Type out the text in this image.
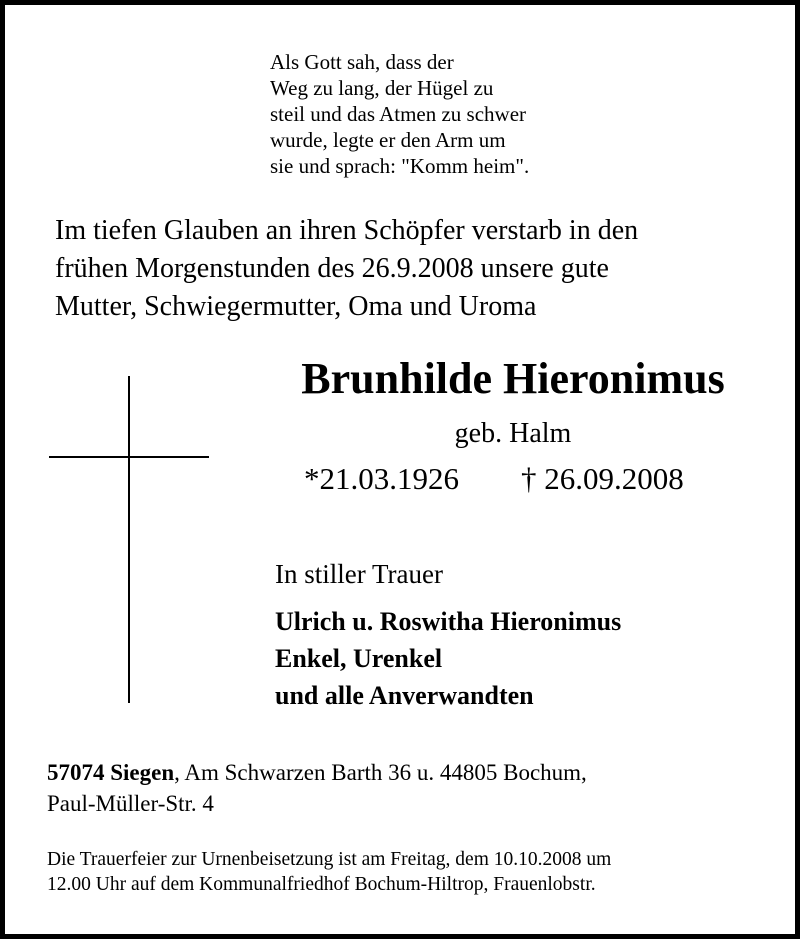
Als Gott sah, dass der
Weg zu lang, der Hügel zu
steil und das Atmen zu schwer
wurde, legte er den Arm um
sie und sprach: "Komm heim".
Im tiefen Glauben an ihren Schöpfer verstarb in den
frühen Morgenstunden des 26.9.2008 unsere gute
Mutter, Schwiegermutter, Oma und Uroma
Brunhilde Hieronimus
geb. Halm
*21.03.1926 † 26.09.2008
In stiller Trauer
Ulrich u. Roswitha Hieronimus
Enkel, Urenkel
und alle Anverwandten
57074 Siegen, Am Schwarzen Barth 36 u. 44805 Bochum,
Paul-Müller-Str. 4
Die Trauerfeier zur Urnenbeisetzung ist am Freitag, dem 10.10.2008 um
12.00 Uhr auf dem Kommunalfriedhof Bochum-Hiltrop, Frauenlobstr.
